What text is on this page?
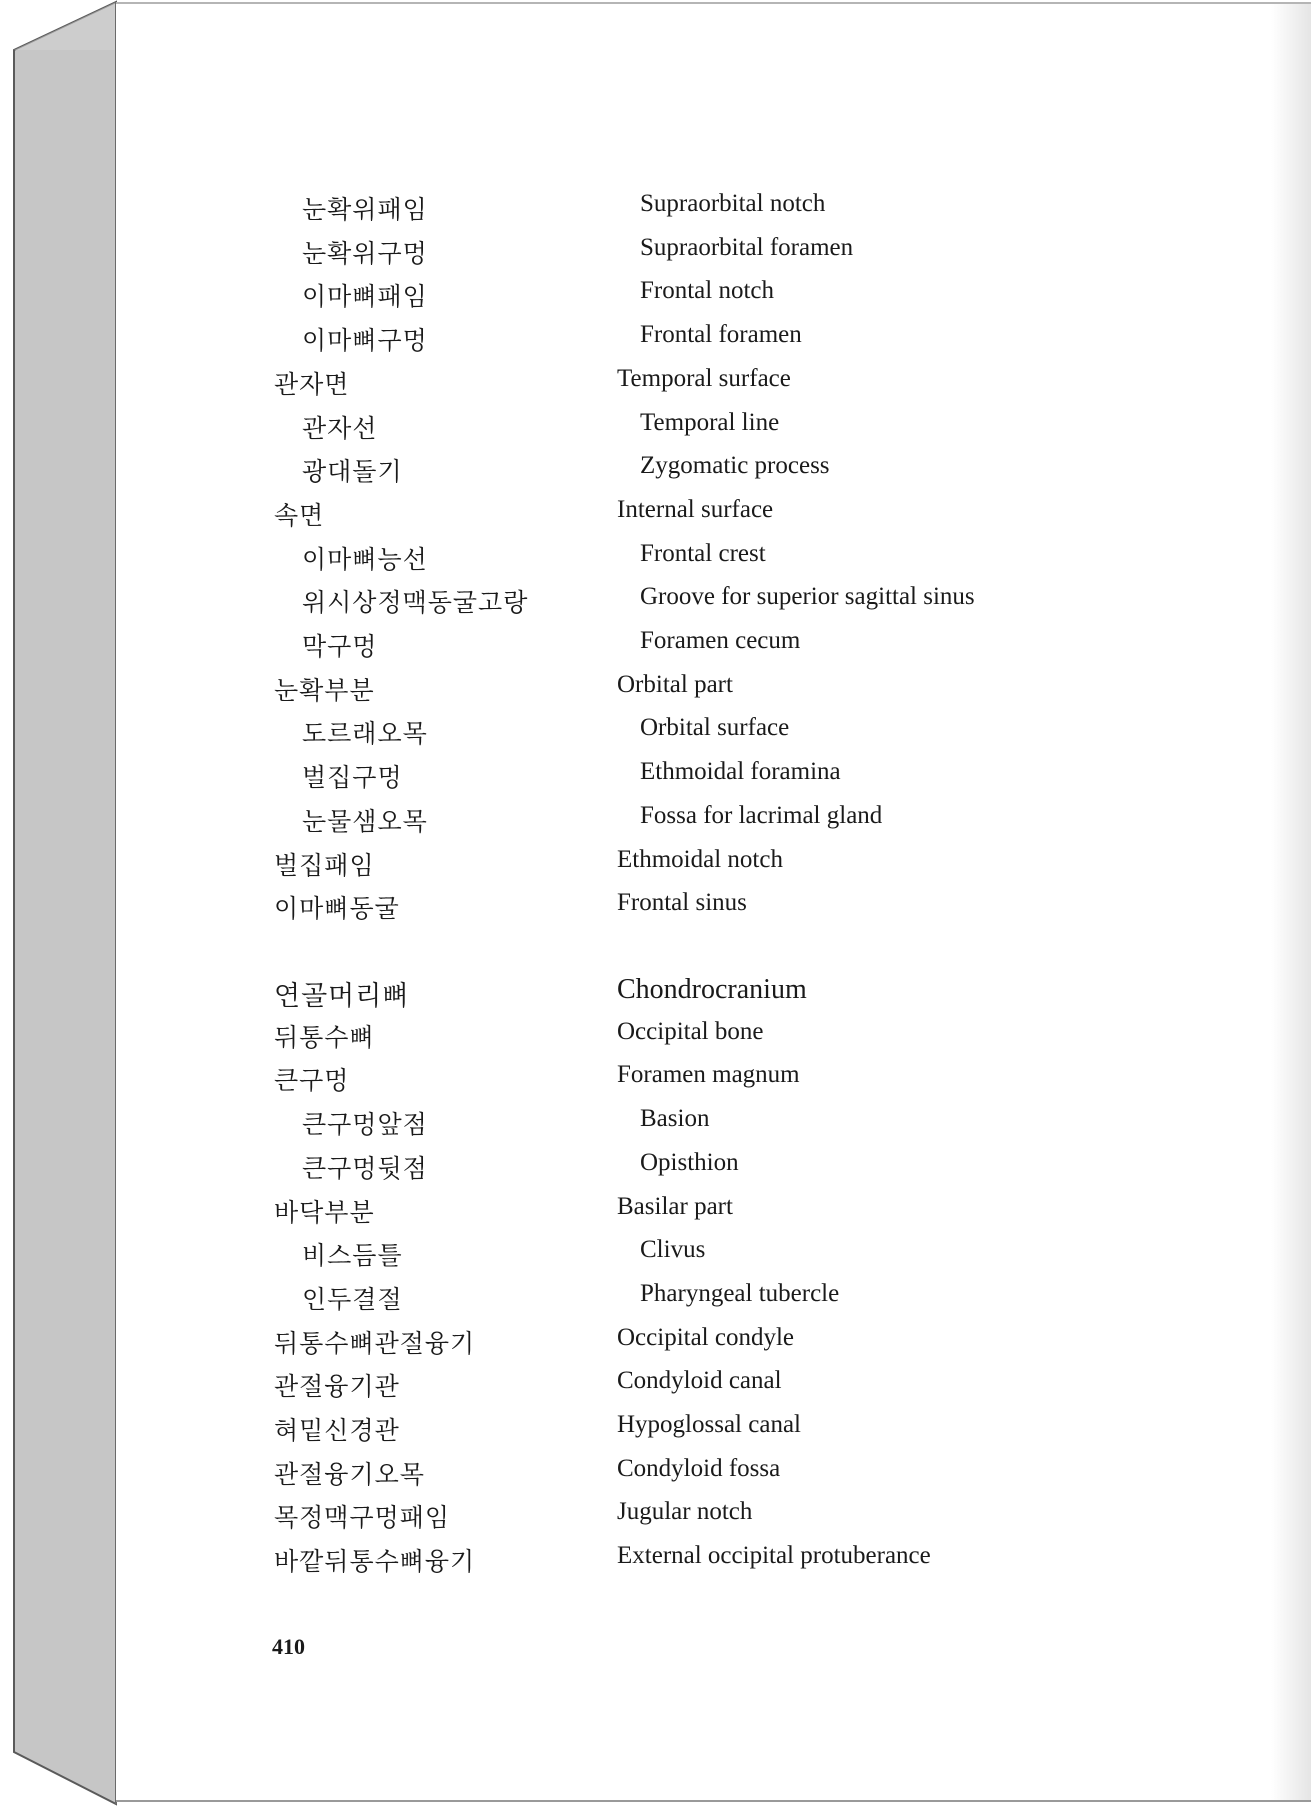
눈확위패임	Supraorbital notch
눈확위구멍	Supraorbital foramen
이마뼈패임	Frontal notch
이마뼈구멍	Frontal foramen
관자면	Temporal surface
관자선	Temporal line
광대돌기	Zygomatic process
속면	Internal surface
이마뼈능선	Frontal crest
위시상정맥동굴고랑	Groove for superior sagittal sinus
막구멍	Foramen cecum
눈확부분	Orbital part
도르래오목	Orbital surface
벌집구멍	Ethmoidal foramina
눈물샘오목	Fossa for lacrimal gland
벌집패임	Ethmoidal notch
이마뼈동굴	Frontal sinus
연골머리뼈	Chondrocranium
뒤통수뼈	Occipital bone
큰구멍	Foramen magnum
큰구멍앞점	Basion
큰구멍뒷점	Opisthion
바닥부분	Basilar part
비스듬틀	Clivus
인두결절	Pharyngeal tubercle
뒤통수뼈관절융기	Occipital condyle
관절융기관	Condyloid canal
혀밑신경관	Hypoglossal canal
관절융기오목	Condyloid fossa
목정맥구멍패임	Jugular notch
바깥뒤통수뼈융기	External occipital protuberance
410
